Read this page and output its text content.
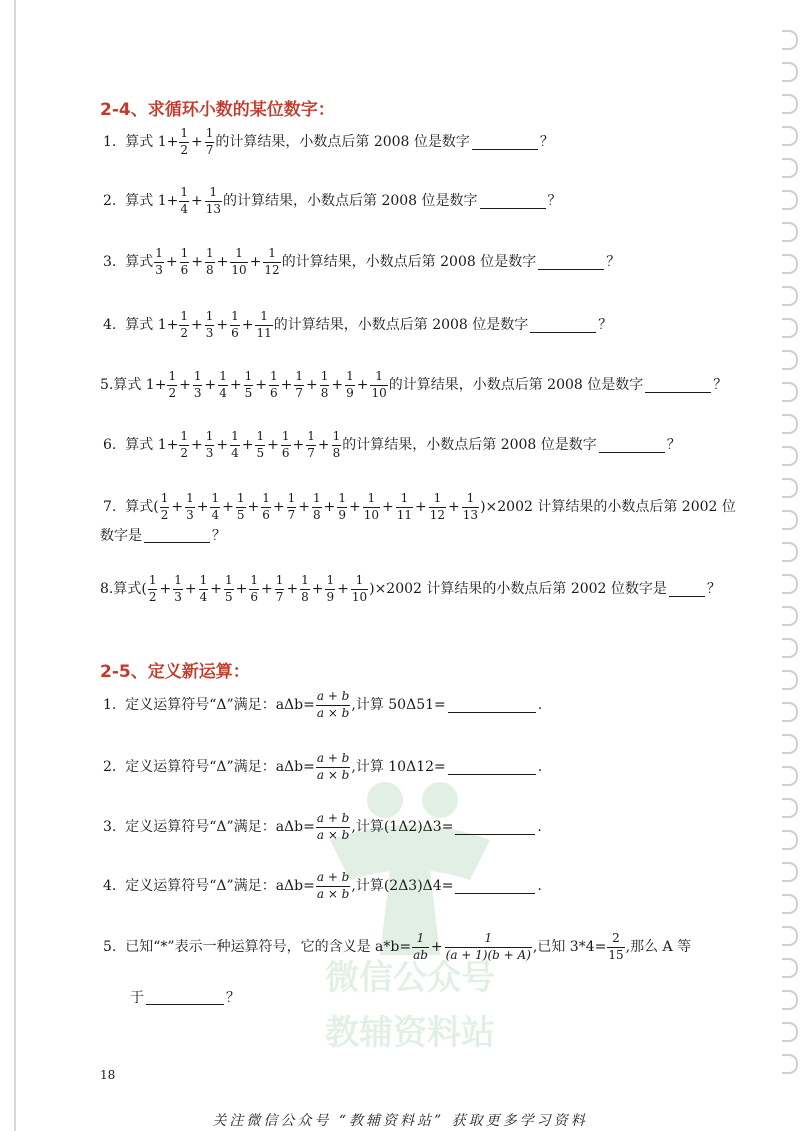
微信公众号
教辅资料站
2-4、求循环小数的某位数字：
1.
算式 $1+ \frac{1}{2} + \frac{1}{7}$ 的计算结果，小数点后第 2008 位是数字	？
2.
算式 $1+ \frac{1}{4} + \frac{1}{13}$ 的计算结果，小数点后第 2008 位是数字	？
3.
算式 $\frac{1}{3} + \frac{1}{6} + \frac{1}{8} + \frac{1}{10} + \frac{1}{12}$ 的计算结果，小数点后第 2008 位是数字	？
4.
算式 $1+ \frac{1}{2} + \frac{1}{3} + \frac{1}{6} + \frac{1}{11}$ 的计算结果，小数点后第 2008 位是数字	？
5. 算式 $1+ \frac{1}{2} + \frac{1}{3} + \frac{1}{4} + \frac{1}{5} + \frac{1}{6} + \frac{1}{7} + \frac{1}{8} + \frac{1}{9} + \frac{1}{10}$ 的计算结果，小数点后第 2008 位是数字	？
6.
算式 $1+ \frac{1}{2} + \frac{1}{3} + \frac{1}{4} + \frac{1}{5} + \frac{1}{6} + \frac{1}{7} + \frac{1}{8}$ 的计算结果，小数点后第 2008 位是数字	？
7.
算式( $\frac{1}{2} + \frac{1}{3} + \frac{1}{4} + \frac{1}{5} + \frac{1}{6} + \frac{1}{7} + \frac{1}{8} + \frac{1}{9} + \frac{1}{10} + \frac{1}{11} + \frac{1}{12} + \frac{1}{13} )\times 2002$ 计算结果的小数点后第 2002 位
数字是	？
8. 算式( $\frac{1}{2} + \frac{1}{3} + \frac{1}{4} + \frac{1}{5} + \frac{1}{6} + \frac{1}{7} + \frac{1}{8} + \frac{1}{9} + \frac{1}{10} )\times 2002$ 计算结果的小数点后第 2002 位数字是	？
2-5、定义新运算：
1.
定义运算符号“Δ”满足：$a\Delta b= \frac{a + b}{a \times b}$ ,计算 50Δ51=	.
2.
定义运算符号“Δ”满足：$a\Delta b= \frac{a + b}{a \times b}$ ,计算 10Δ12=	.
3.
定义运算符号“Δ”满足：$a\Delta b= \frac{a + b}{a \times b}$ ,计算(1Δ2)Δ3=	.
4.
定义运算符号“Δ”满足：$a\Delta b= \frac{a + b}{a \times b}$ ,计算(2Δ3)Δ4=	.
5.
已知“*”表示一种运算符号，它的含义是 $a*b= \frac{1}{ab} + \frac{1}{(a + 1)(b + A)}$ ,已知 $3*4= \frac{2}{15}$ ,那么 A 等
于	？
18
关注微信公众号 “教辅资料站” 获取更多学习资料
